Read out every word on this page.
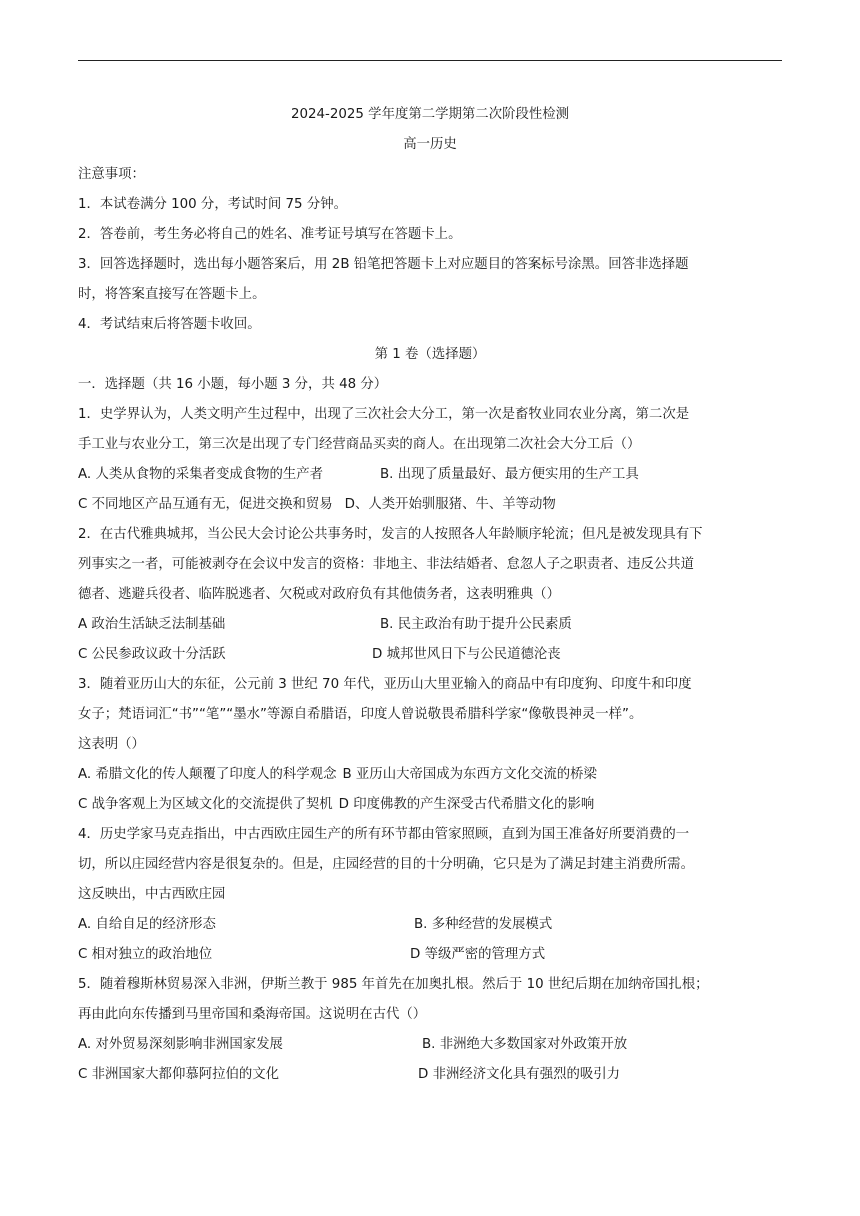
2024-2025 学年度第二学期第二次阶段性检测
高一历史
注意事项：
1．本试卷满分 100 分，考试时间 75 分钟。
2．答卷前，考生务必将自己的姓名、准考证号填写在答题卡上。
3．回答选择题时，选出每小题答案后，用 2B 铅笔把答题卡上对应题目的答案标号涂黑。回答非选择题
时，将答案直接写在答题卡上。
4．考试结束后将答题卡收回。
第 1 卷（选择题）
一．选择题（共 16 小题，每小题 3 分，共 48 分）
1．史学界认为，人类文明产生过程中，出现了三次社会大分工，第一次是畜牧业同农业分离，第二次是
手工业与农业分工，第三次是出现了专门经营商品买卖的商人。在出现第二次社会大分工后（）
A. 人类从食物的采集者变成食物的生产者	B. 出现了质量最好、最方便实用的生产工具
C 不同地区产品互通有无，促进交换和贸易 D、人类开始驯服猪、牛、羊等动物
2．在古代雅典城邦，当公民大会讨论公共事务时，发言的人按照各人年龄顺序轮流；但凡是被发现具有下
列事实之一者，可能被剥夺在会议中发言的资格：非地主、非法结婚者、怠忽人子之职责者、违反公共道
德者、逃避兵役者、临阵脱逃者、欠税或对政府负有其他债务者，这表明雅典（）
A 政治生活缺乏法制基础	B. 民主政治有助于提升公民素质
C 公民参政议政十分活跃	D 城邦世风日下与公民道德沦丧
3．随着亚历山大的东征，公元前 3 世纪 70 年代，亚历山大里亚输入的商品中有印度狗、印度牛和印度
女子；梵语词汇“书”“笔”“墨水”等源自希腊语，印度人曾说敬畏希腊科学家“像敬畏神灵一样”。
这表明（）
A. 希腊文化的传人颠覆了印度人的科学观念 B 亚历山大帝国成为东西方文化交流的桥梁
C 战争客观上为区域文化的交流提供了契机 D 印度佛教的产生深受古代希腊文化的影响
4．历史学家马克垚指出，中古西欧庄园生产的所有环节都由管家照顾，直到为国王准备好所要消费的一
切，所以庄园经营内容是很复杂的。但是，庄园经营的目的十分明确，它只是为了满足封建主消费所需。
这反映出，中古西欧庄园
A. 自给自足的经济形态	B. 多种经营的发展模式
C 相对独立的政治地位	D 等级严密的管理方式
5．随着穆斯林贸易深入非洲，伊斯兰教于 985 年首先在加奥扎根。然后于 10 世纪后期在加纳帝国扎根；
再由此向东传播到马里帝国和桑海帝国。这说明在古代（）
A. 对外贸易深刻影响非洲国家发展	B. 非洲绝大多数国家对外政策开放
C 非洲国家大都仰慕阿拉伯的文化	D 非洲经济文化具有强烈的吸引力
